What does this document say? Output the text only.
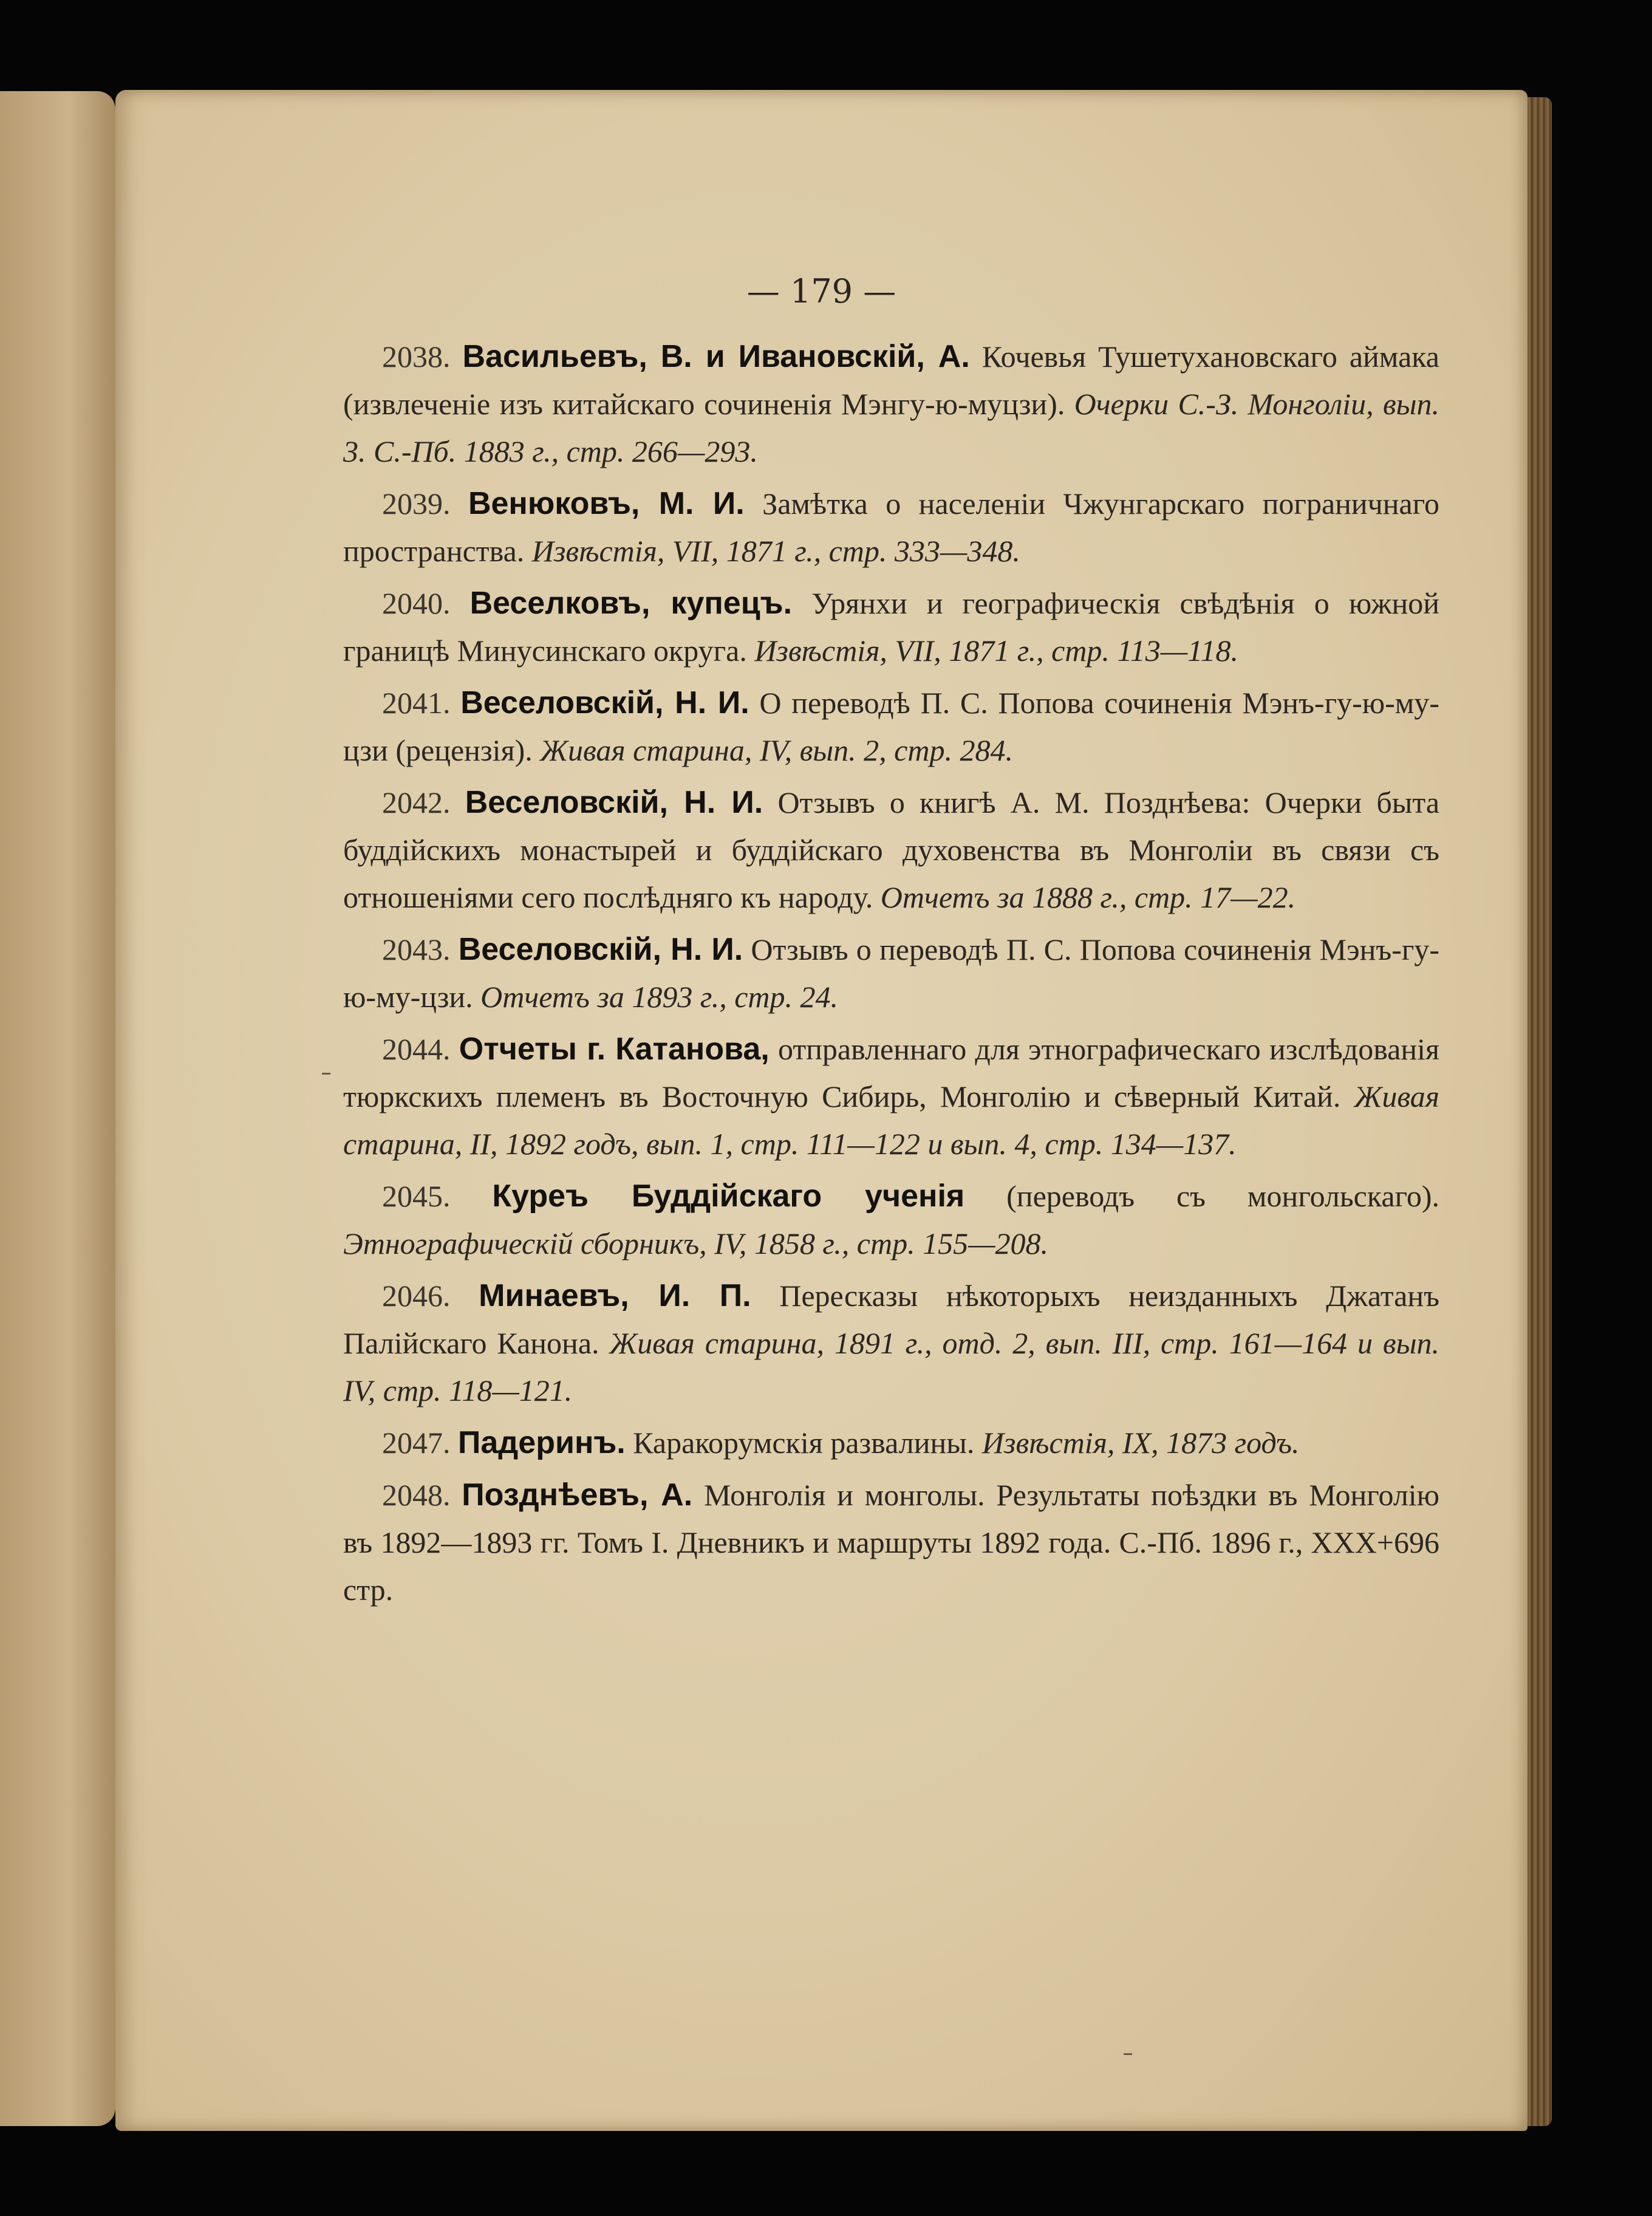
— 179 —

2038. Васильевъ, В. и Ивановскій, А. Кочевья Тушетухановскаго аймака (извлеченіе изъ китайскаго сочиненія Мэнгу-ю-муцзи). Очерки С.-З. Монголіи, вып. 3. С.-Пб. 1883 г., стр. 266—293.

2039. Венюковъ, М. И. Замѣтка о населеніи Чжунгарскаго пограничнаго пространства. Извѣстія, VII, 1871 г., стр. 333—348.

2040. Веселковъ, купецъ. Урянхи и географическія свѣдѣнія о южной границѣ Минусинскаго округа. Извѣстія, VII, 1871 г., стр. 113—118.

2041. Веселовскій, Н. И. О переводѣ П. С. Попова сочиненія Мэнъ-гу-ю-му-цзи (рецензія). Живая старина, IV, вып. 2, стр. 284.

2042. Веселовскій, Н. И. Отзывъ о книгѣ А. М. Позднѣева: Очерки быта буддійскихъ монастырей и буддійскаго духовенства въ Монголіи въ связи съ отношеніями сего послѣдняго къ народу. Отчетъ за 1888 г., стр. 17—22.

2043. Веселовскій, Н. И. Отзывъ о переводѣ П. С. Попова сочиненія Мэнъ-гу-ю-му-цзи. Отчетъ за 1893 г., стр. 24.

2044. Отчеты г. Катанова, отправленнаго для этнографическаго изслѣдованія тюркскихъ племенъ въ Восточную Сибирь, Монголію и сѣверный Китай. Живая старина, II, 1892 годъ, вып. 1, стр. 111—122 и вып. 4, стр. 134—137.

2045. Куреъ Буддійскаго ученія (переводъ съ монгольскаго). Этнографическій сборникъ, IV, 1858 г., стр. 155—208.

2046. Минаевъ, И. П. Пересказы нѣкоторыхъ неизданныхъ Джатанъ Палійскаго Канона. Живая старина, 1891 г., отд. 2, вып. III, стр. 161—164 и вып. IV, стр. 118—121.

2047. Падеринъ. Каракорумскія развалины. Извѣстія, IX, 1873 годъ.

2048. Позднѣевъ, А. Монголія и монголы. Результаты поѣздки въ Монголію въ 1892—1893 гг. Томъ I. Дневникъ и маршруты 1892 года. С.-Пб. 1896 г., XXX+696 стр.
